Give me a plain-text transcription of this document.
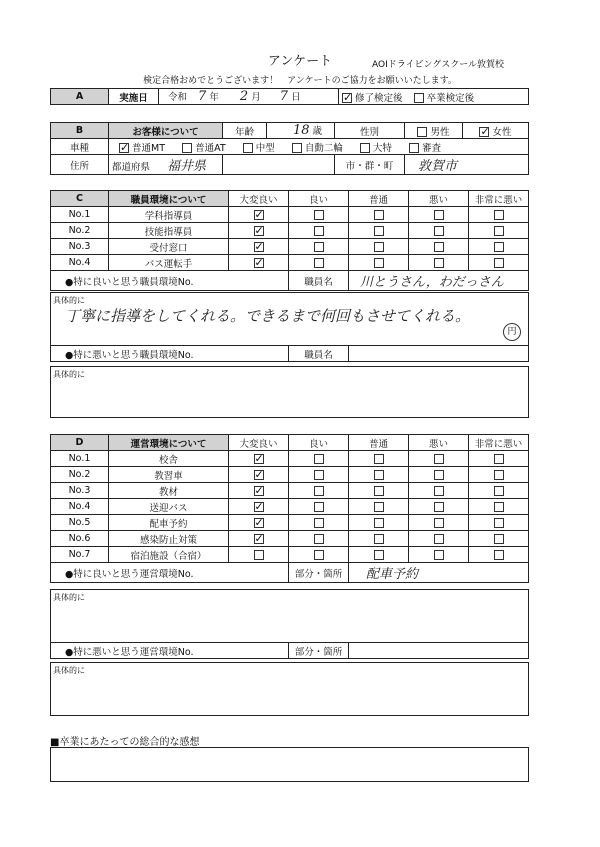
アンケート	AOIドライビングスクール敦賀校
検定合格おめでとうございます！　アンケートのご協力をお願いいたします。
A	実施日	令和 7 年 2 月 7 日	✓ 修了検定後	卒業検定後
B	お客様について	年齢	18 歳	性別	男性	✓ 女性
車種	✓ 普通MT 普通AT 中型 自動二輪 大特 審査					
住所	都道府県 福井県			市・群・町	敦賀市	
C	職員環境について	大変良い	良い	普通	悪い	非常に悪い
No.1	学科指導員	✓				
No.2	技能指導員	✓				
No.3	受付窓口	✓				
No.4	バス運転手	✓				
●特に良いと思う職員環境No.			職員名	川とうさん，わだっさん		
具体的に
丁寧に指導をしてくれる。できるまで何回もさせてくれる。
円
●特に悪いと思う職員環境No.	職員名	
具体的に
D	運営環境について	大変良い	良い	普通	悪い	非常に悪い
No.1	校舎	✓				
No.2	教習車	✓				
No.3	教材	✓				
No.4	送迎バス	✓				
No.5	配車予約	✓				
No.6	感染防止対策	✓				
No.7	宿泊施設（合宿）					
●特に良いと思う運営環境No.			部分・箇所	配車予約		
具体的に
●特に悪いと思う運営環境No.	部分・箇所	
具体的に
■卒業にあたっての総合的な感想
